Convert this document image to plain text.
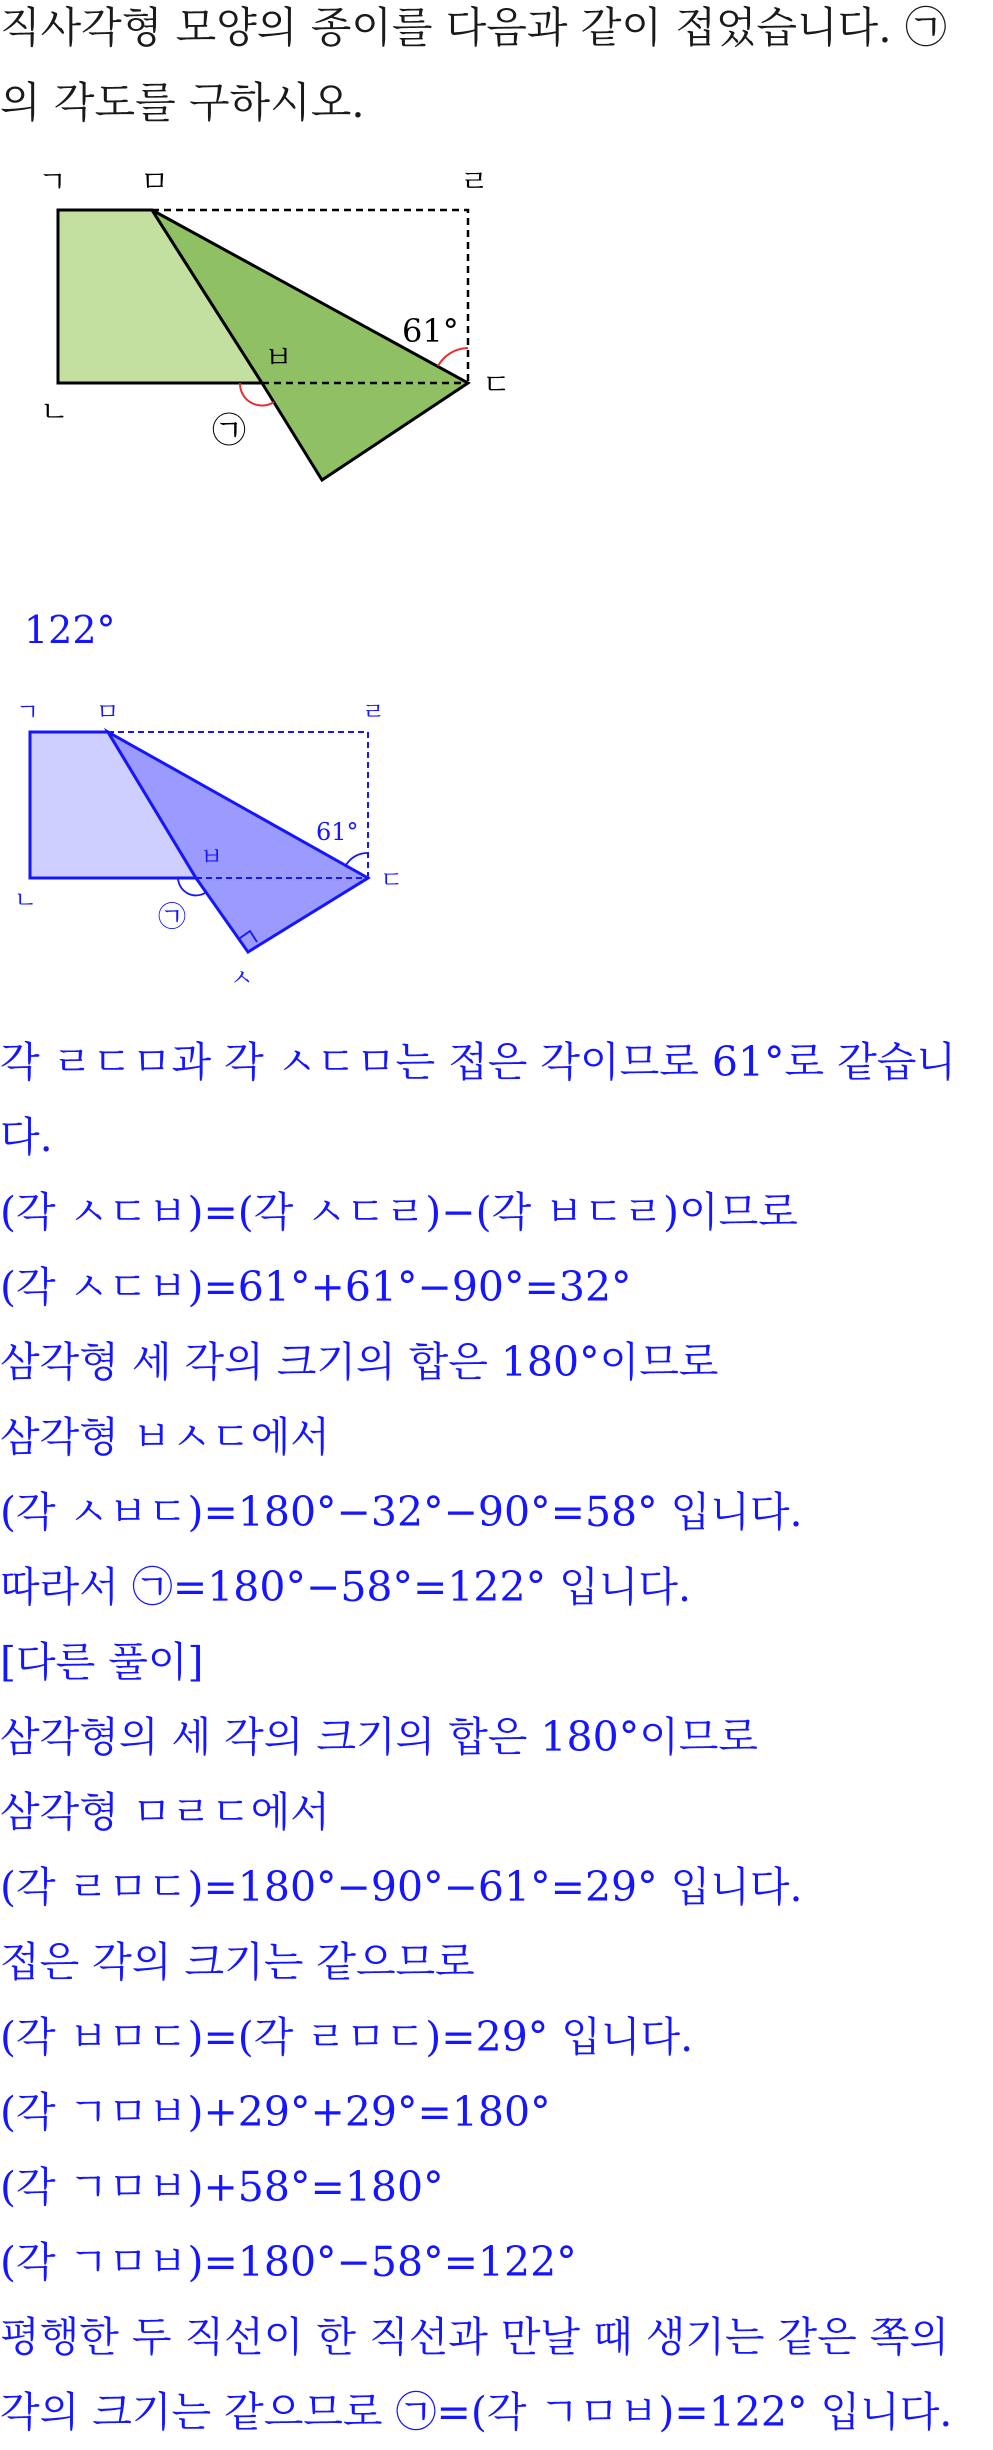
직사각형 모양의 종이를 다음과 같이 접었습니다. ㉠
의 각도를 구하시오.
ㄱ ㅁ	ㄹ
ㄴ
ㄷ
ㅂ
61°
㉠
122°
ㄱ ㅁ	ㄹ
ㄴ
ㄷ
ㅂ
ㅅ
61°
㉠
각 ㄹㄷㅁ과 각 ㅅㄷㅁ는 접은 각이므로 61°로 같습니
다.
(각 ㅅㄷㅂ)=(각 ㅅㄷㄹ)−(각 ㅂㄷㄹ)이므로
(각 ㅅㄷㅂ)=61°+61°−90°=32°
삼각형 세 각의 크기의 합은 180°이므로
삼각형 ㅂㅅㄷ에서
(각 ㅅㅂㄷ)=180°−32°−90°=58° 입니다.
따라서 ㉠=180°−58°=122° 입니다.
[다른 풀이]
삼각형의 세 각의 크기의 합은 180°이므로
삼각형 ㅁㄹㄷ에서
(각 ㄹㅁㄷ)=180°−90°−61°=29° 입니다.
접은 각의 크기는 같으므로
(각 ㅂㅁㄷ)=(각 ㄹㅁㄷ)=29° 입니다.
(각 ㄱㅁㅂ)+29°+29°=180°
(각 ㄱㅁㅂ)+58°=180°
(각 ㄱㅁㅂ)=180°−58°=122°
평행한 두 직선이 한 직선과 만날 때 생기는 같은 쪽의
각의 크기는 같으므로 ㉠=(각 ㄱㅁㅂ)=122° 입니다.
